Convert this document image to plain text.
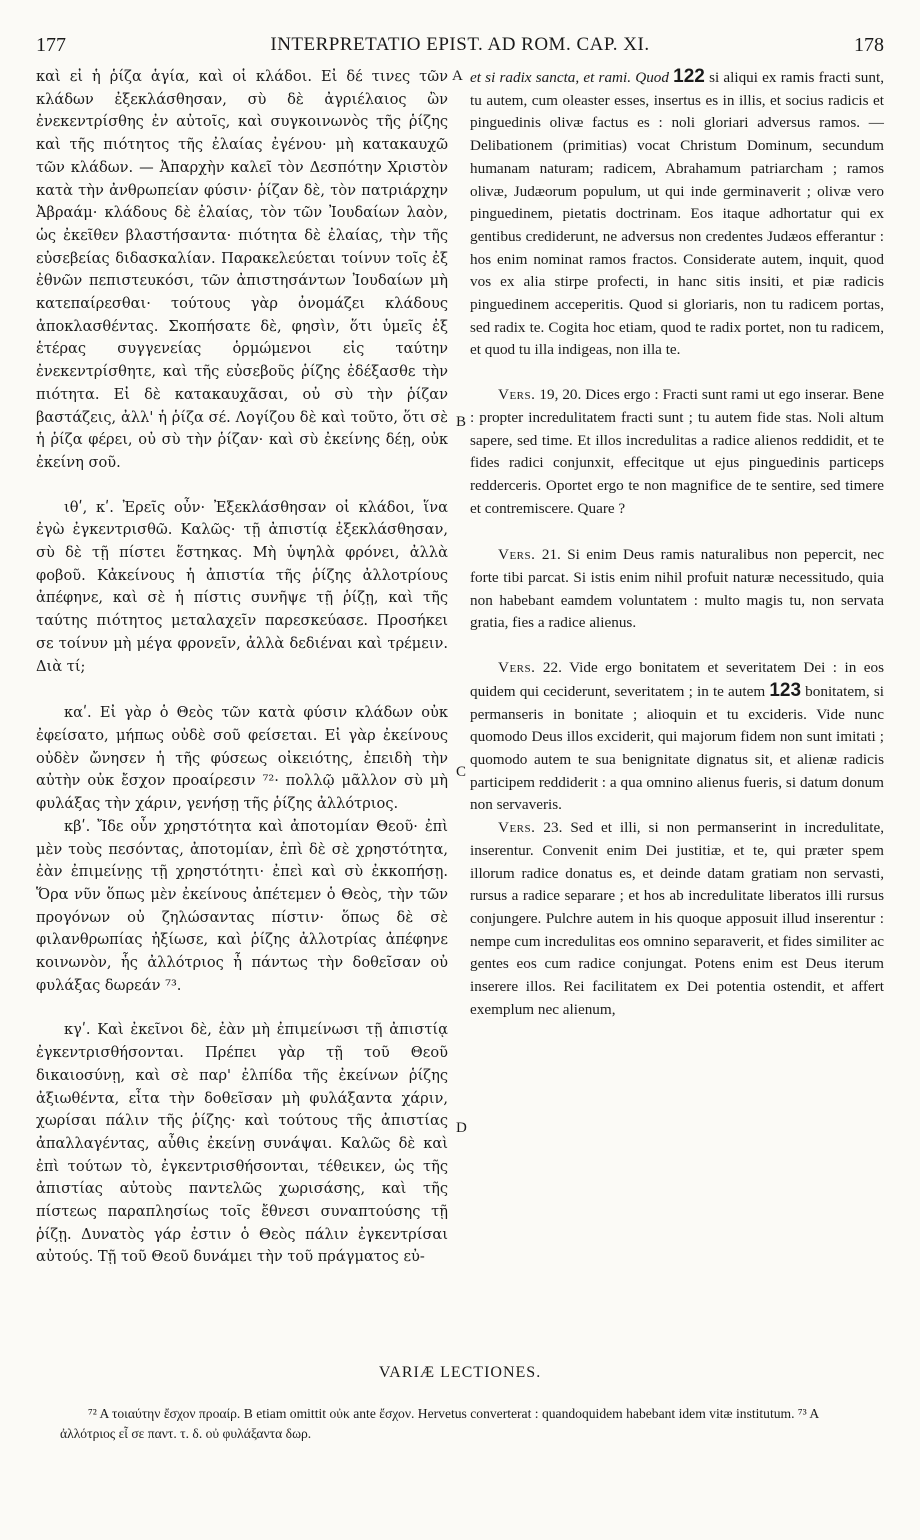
177	INTERPRETATIO EPIST. AD ROM. CAP. XI.	178

καὶ εἰ ἡ ῥίζα ἁγία, καὶ οἱ κλάδοι. Εἰ δέ τινες τῶν κλάδων ἐξεκλάσθησαν, σὺ δὲ ἀγριέλαιος ὢν ἐνεκεντρίσθης ἐν αὐτοῖς, καὶ συγκοινωνὸς τῆς ῥίζης καὶ τῆς πιότητος τῆς ἐλαίας ἐγένου· μὴ κατακαυχῶ τῶν κλάδων. — Ἀπαρχὴν καλεῖ τὸν Δεσπότην Χριστὸν κατὰ τὴν ἀνθρωπείαν φύσιν· ῥίζαν δὲ, τὸν πατριάρχην Ἀβραάμ· κλάδους δὲ ἐλαίας, τὸν τῶν Ἰουδαίων λαὸν, ὡς ἐκεῖθεν βλαστήσαντα· πιότητα δὲ ἐλαίας, τὴν τῆς εὐσεβείας διδασκαλίαν. Παρακελεύεται τοίνυν τοῖς ἐξ ἐθνῶν πεπιστευκόσι, τῶν ἀπιστησάντων Ἰουδαίων μὴ κατεπαίρεσθαι· τούτους γὰρ ὀνομάζει κλάδους ἀποκλασθέντας. Σκοπήσατε δὲ, φησὶν, ὅτι ὑμεῖς ἐξ ἑτέρας συγγενείας ὁρμώμενοι εἰς ταύτην ἐνεκεντρίσθητε, καὶ τῆς εὐσεβοῦς ῥίζης ἐδέξασθε τὴν πιότητα. Εἰ δὲ κατακαυχᾶσαι, οὐ σὺ τὴν ῥίζαν βαστάζεις, ἀλλ' ἡ ῥίζα σέ. Λογίζου δὲ καὶ τοῦτο, ὅτι σὲ ἡ ῥίζα φέρει, οὐ σὺ τὴν ῥίζαν· καὶ σὺ ἐκείνης δέῃ, οὐκ ἐκείνη σοῦ.

ιθʹ, κʹ. Ἐρεῖς οὖν· Ἐξεκλάσθησαν οἱ κλάδοι, ἵνα ἐγὼ ἐγκεντρισθῶ. Καλῶς· τῇ ἀπιστίᾳ ἐξεκλάσθησαν, σὺ δὲ τῇ πίστει ἕστηκας. Μὴ ὑψηλὰ φρόνει, ἀλλὰ φοβοῦ. Κἀκείνους ἡ ἀπιστία τῆς ῥίζης ἀλλοτρίους ἀπέφηνε, καὶ σὲ ἡ πίστις συνῆψε τῇ ῥίζῃ, καὶ τῆς ταύτης πιότητος μεταλαχεῖν παρεσκεύασε. Προσήκει σε τοίνυν μὴ μέγα φρονεῖν, ἀλλὰ δεδιέναι καὶ τρέμειν. Διὰ τί;

καʹ. Εἰ γὰρ ὁ Θεὸς τῶν κατὰ φύσιν κλάδων οὐκ ἐφείσατο, μήπως οὐδὲ σοῦ φείσεται. Εἰ γὰρ ἐκείνους οὐδὲν ὤνησεν ἡ τῆς φύσεως οἰκειότης, ἐπειδὴ τὴν αὐτὴν οὐκ ἔσχον προαίρεσιν ⁷²· πολλῷ μᾶλλον σὺ μὴ φυλάξας τὴν χάριν, γενήσῃ τῆς ῥίζης ἀλλότριος.

κβʹ. Ἴδε οὖν χρηστότητα καὶ ἀποτομίαν Θεοῦ· ἐπὶ μὲν τοὺς πεσόντας, ἀποτομίαν, ἐπὶ δὲ σὲ χρηστότητα, ἐὰν ἐπιμείνῃς τῇ χρηστότητι· ἐπεὶ καὶ σὺ ἐκκοπήσῃ. Ὅρα νῦν ὅπως μὲν ἐκείνους ἀπέτεμεν ὁ Θεὸς, τὴν τῶν προγόνων οὐ ζηλώσαντας πίστιν· ὅπως δὲ σὲ φιλανθρωπίας ἠξίωσε, καὶ ῥίζης ἀλλοτρίας ἀπέφηνε κοινωνὸν, ἧς ἀλλότριος ἦ πάντως τὴν δοθεῖσαν οὐ φυλάξας δωρεάν ⁷³.

κγʹ. Καὶ ἐκεῖνοι δὲ, ἐὰν μὴ ἐπιμείνωσι τῇ ἀπιστίᾳ ἐγκεντρισθήσονται. Πρέπει γὰρ τῇ τοῦ Θεοῦ δικαιοσύνῃ, καὶ σὲ παρ' ἐλπίδα τῆς ἐκείνων ῥίζης ἀξιωθέντα, εἶτα τὴν δοθεῖσαν μὴ φυλάξαντα χάριν, χωρίσαι πάλιν τῆς ῥίζης· καὶ τούτους τῆς ἀπιστίας ἀπαλλαγέντας, αὖθις ἐκείνῃ συνάψαι. Καλῶς δὲ καὶ ἐπὶ τούτων τὸ, ἐγκεντρισθήσονται, τέθεικεν, ὡς τῆς ἀπιστίας αὐτοὺς παντελῶς χωρισάσης, καὶ τῆς πίστεως παραπλησίως τοῖς ἔθνεσι συναπτούσης τῇ ῥίζῃ. Δυνατὸς γάρ ἐστιν ὁ Θεὸς πάλιν ἐγκεντρίσαι αὐτούς. Τῇ τοῦ Θεοῦ δυνάμει τὴν τοῦ πράγματος εὐ-

A
B
C
D

et si radix sancta, et rami. Quod 122 si aliqui ex ramis fracti sunt, tu autem, cum oleaster esses, insertus es in illis, et socius radicis et pinguedinis olivæ factus es : noli gloriari adversus ramos. — Delibationem (primitias) vocat Christum Dominum, secundum humanam naturam; radicem, Abrahamum patriarcham ; ramos olivæ, Judæorum populum, ut qui inde germinaverit ; olivæ vero pinguedinem, pietatis doctrinam. Eos itaque adhortatur qui ex gentibus crediderunt, ne adversus non credentes Judæos efferantur : hos enim nominat ramos fractos. Considerate autem, inquit, quod vos ex alia stirpe profecti, in hanc sitis insiti, et piæ radicis pinguedinem acceperitis. Quod si gloriaris, non tu radicem portas, sed radix te. Cogita hoc etiam, quod te radix portet, non tu radicem, et quod tu illa indigeas, non illa te.

Vers. 19, 20. Dices ergo : Fracti sunt rami ut ego inserar. Bene : propter incredulitatem fracti sunt ; tu autem fide stas. Noli altum sapere, sed time. Et illos incredulitas a radice alienos reddidit, et te fides radici conjunxit, effecitque ut ejus pinguedinis particeps redderceris. Oportet ergo te non magnifice de te sentire, sed timere et contremiscere. Quare ?

Vers. 21. Si enim Deus ramis naturalibus non pepercit, nec forte tibi parcat. Si istis enim nihil profuit naturæ necessitudo, quia non habebant eamdem voluntatem : multo magis tu, non servata gratia, fies a radice alienus.

Vers. 22. Vide ergo bonitatem et severitatem Dei : in eos quidem qui ceciderunt, severitatem ; in te autem 123 bonitatem, si permanseris in bonitate ; alioquin et tu excideris. Vide nunc quomodo Deus illos exciderit, qui majorum fidem non sunt imitati ; quomodo autem te sua benignitate dignatus sit, et alienæ radicis participem reddiderit : a qua omnino alienus fueris, si datum donum non servaveris.

Vers. 23. Sed et illi, si non permanserint in incredulitate, inserentur. Convenit enim Dei justitiæ, et te, qui præter spem illorum radice donatus es, et deinde datam gratiam non servasti, rursus a radice separare ; et hos ab incredulitate liberatos illi rursus conjungere. Pulchre autem in his quoque apposuit illud inserentur : nempe cum incredulitas eos omnino separaverit, et fides similiter ac gentes eos cum radice conjungat. Potens enim est Deus iterum inserere illos. Rei facilitatem ex Dei potentia ostendit, et affert exemplum nec alienum,

VARIÆ LECTIONES.
⁷² A τοιαύτην ἔσχον προαίρ. B etiam omittit οὐκ ante ἔσχον. Hervetus converterat : quandoquidem habebant idem vitæ institutum. ⁷³ A ἀλλότριος εἶ σε παντ. τ. δ. οὐ φυλάξαντα δωρ.
